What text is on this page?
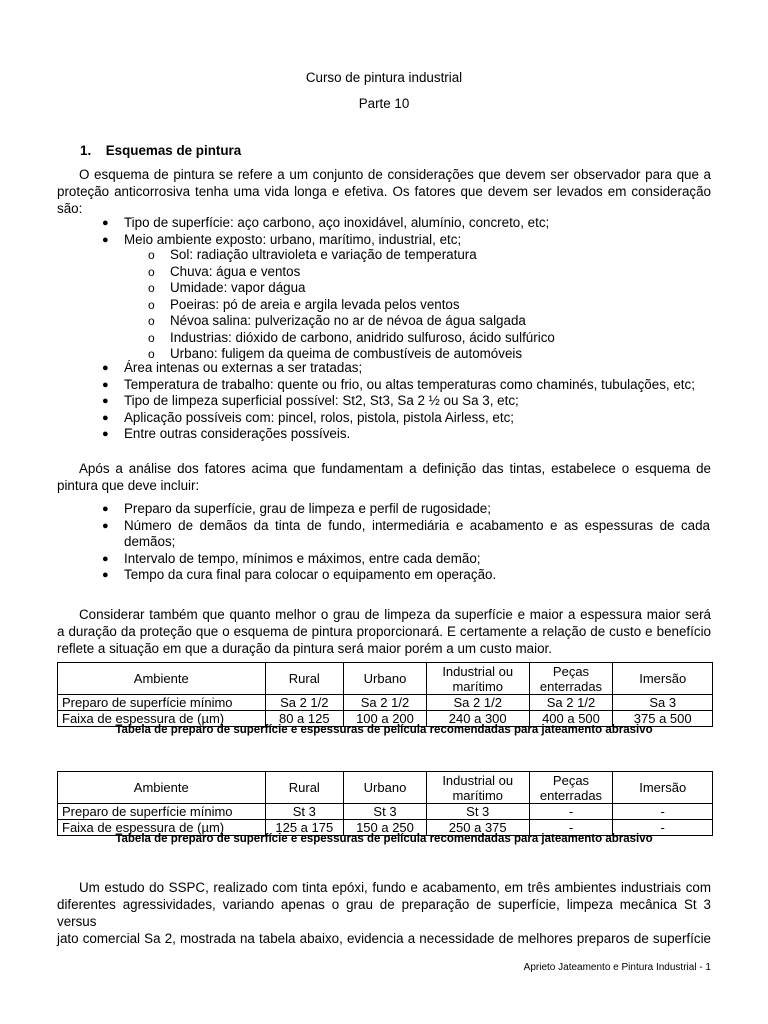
Curso de pintura industrial
Parte 10
1. Esquemas de pintura
O esquema de pintura se refere a um conjunto de considerações que devem ser observador para que a
proteção anticorrosiva tenha uma vida longa e efetiva. Os fatores que devem ser levados em consideração
são:
● Tipo de superfície: aço carbono, aço inoxidável, alumínio, concreto, etc;
● Meio ambiente exposto: urbano, marítimo, industrial, etc;
o Sol: radiação ultravioleta e variação de temperatura
o Chuva: água e ventos
o Umidade: vapor dágua
o Poeiras: pó de areia e argila levada pelos ventos
o Névoa salina: pulverização no ar de névoa de água salgada
o Industrias: dióxido de carbono, anidrido sulfuroso, ácido sulfúrico
o Urbano: fuligem da queima de combustíveis de automóveis
● Área intenas ou externas a ser tratadas;
● Temperatura de trabalho: quente ou frio, ou altas temperaturas como chaminés, tubulações, etc;
● Tipo de limpeza superficial possível: St2, St3, Sa 2 ½ ou Sa 3, etc;
● Aplicação possíveis com: pincel, rolos, pistola, pistola Airless, etc;
● Entre outras considerações possíveis.
Após a análise dos fatores acima que fundamentam a definição das tintas, estabelece o esquema de
pintura que deve incluir:
● Preparo da superfície, grau de limpeza e perfil de rugosidade;
● Número de demãos da tinta de fundo, intermediária e acabamento e as espessuras de cada demãos;
● Intervalo de tempo, mínimos e máximos, entre cada demão;
● Tempo da cura final para colocar o equipamento em operação.
Considerar também que quanto melhor o grau de limpeza da superfície e maior a espessura maior será
a duração da proteção que o esquema de pintura proporcionará. E certamente a relação de custo e benefício
reflete a situação em que a duração da pintura será maior porém a um custo maior.
Ambiente	Rural	Urbano	Industrial ou marítimo	Peças enterradas	Imersão
Preparo de superfície mínimo	Sa 2 1/2	Sa 2 1/2	Sa 2 1/2	Sa 2 1/2	Sa 3
Faixa de espessura de (µm)	80 a 125	100 a 200	240 a 300	400 a 500	375 a 500
Tabela de preparo de superfície e espessuras de película recomendadas para jateamento abrasivo
Ambiente	Rural	Urbano	Industrial ou marítimo	Peças enterradas	Imersão
Preparo de superfície mínimo	St 3	St 3	St 3	-	-
Faixa de espessura de (µm)	125 a 175	150 a 250	250 a 375	-	-
Tabela de preparo de superfície e espessuras de película recomendadas para jateamento abrasivo
Um estudo do SSPC, realizado com tinta epóxi, fundo e acabamento, em três ambientes industriais com
diferentes agressividades, variando apenas o grau de preparação de superfície, limpeza mecânica St 3 versus
jato comercial Sa 2, mostrada na tabela abaixo, evidencia a necessidade de melhores preparos de superfície
Aprieto Jateamento e Pintura Industrial - 1
